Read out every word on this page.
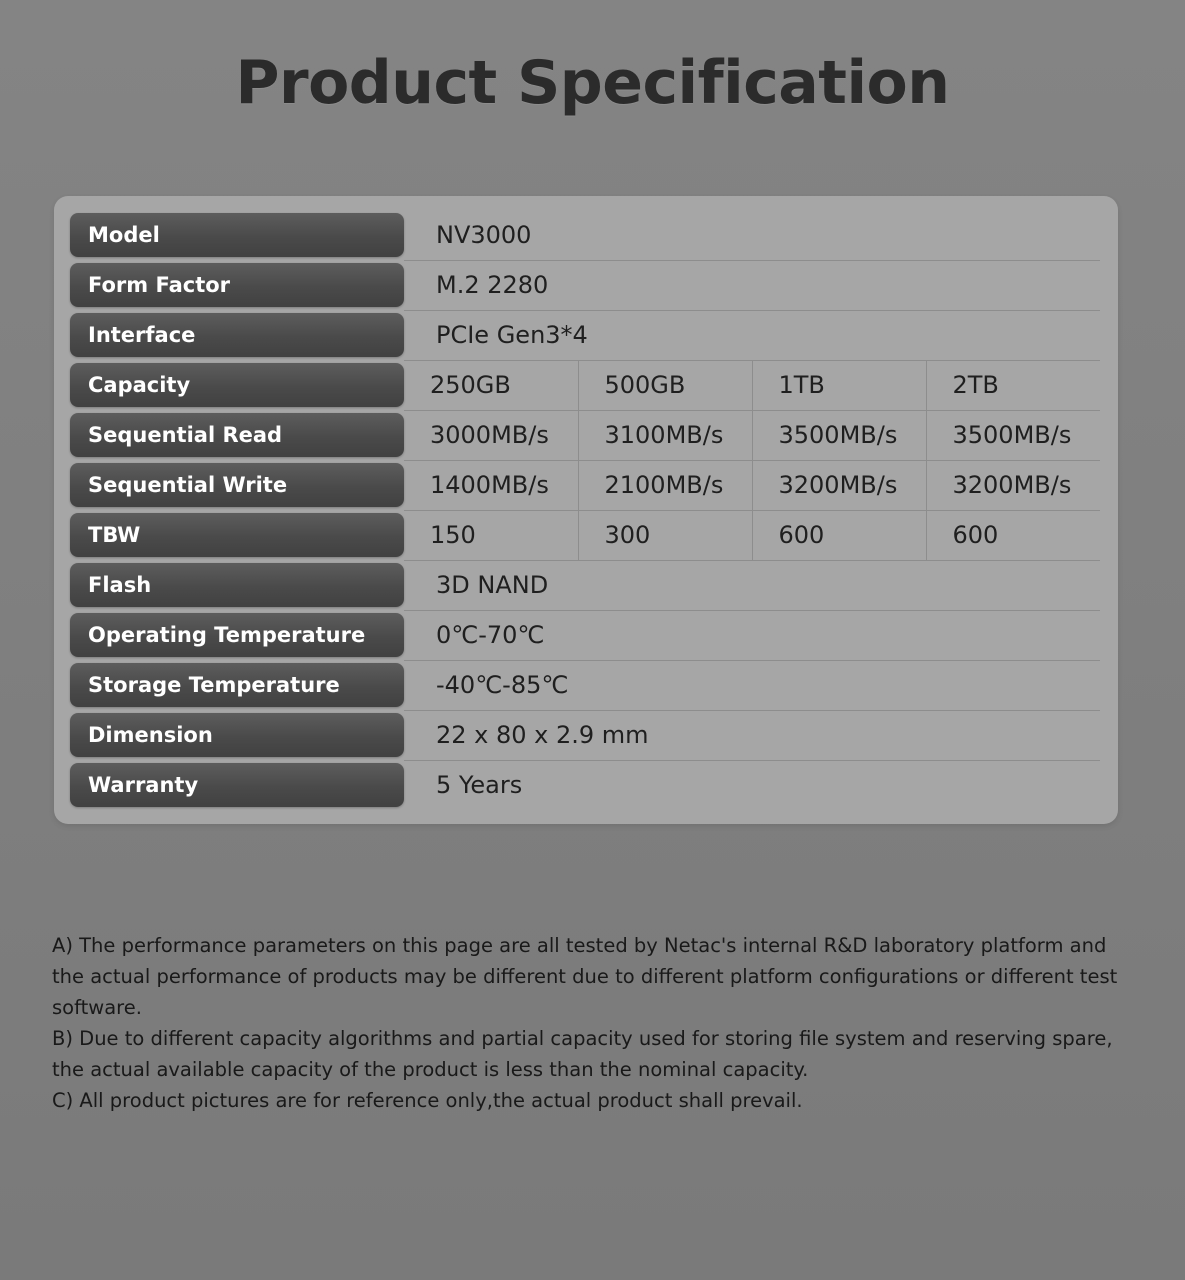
Product Specification
Model	NV3000			

Form Factor	M.2 2280			

Interface	PCIe Gen3*4			

Capacity	250GB	500GB	1TB	2TB

Sequential Read	3000MB/s	3100MB/s	3500MB/s	3500MB/s

Sequential Write	1400MB/s	2100MB/s	3200MB/s	3200MB/s

TBW	150	300	600	600

Flash	3D NAND			

Operating Temperature	0℃-70℃			

Storage Temperature	-40℃-85℃			

Dimension	22 x 80 x 2.9 mm			

Warranty	5 Years			

A) The performance parameters on this page are all tested by Netac's internal R&D laboratory platform and the actual performance of products may be different due to different platform configurations or different test software.

B) Due to different capacity algorithms and partial capacity used for storing file system and reserving spare, the actual available capacity of the product is less than the nominal capacity.

C) All product pictures are for reference only,the actual product shall prevail.
